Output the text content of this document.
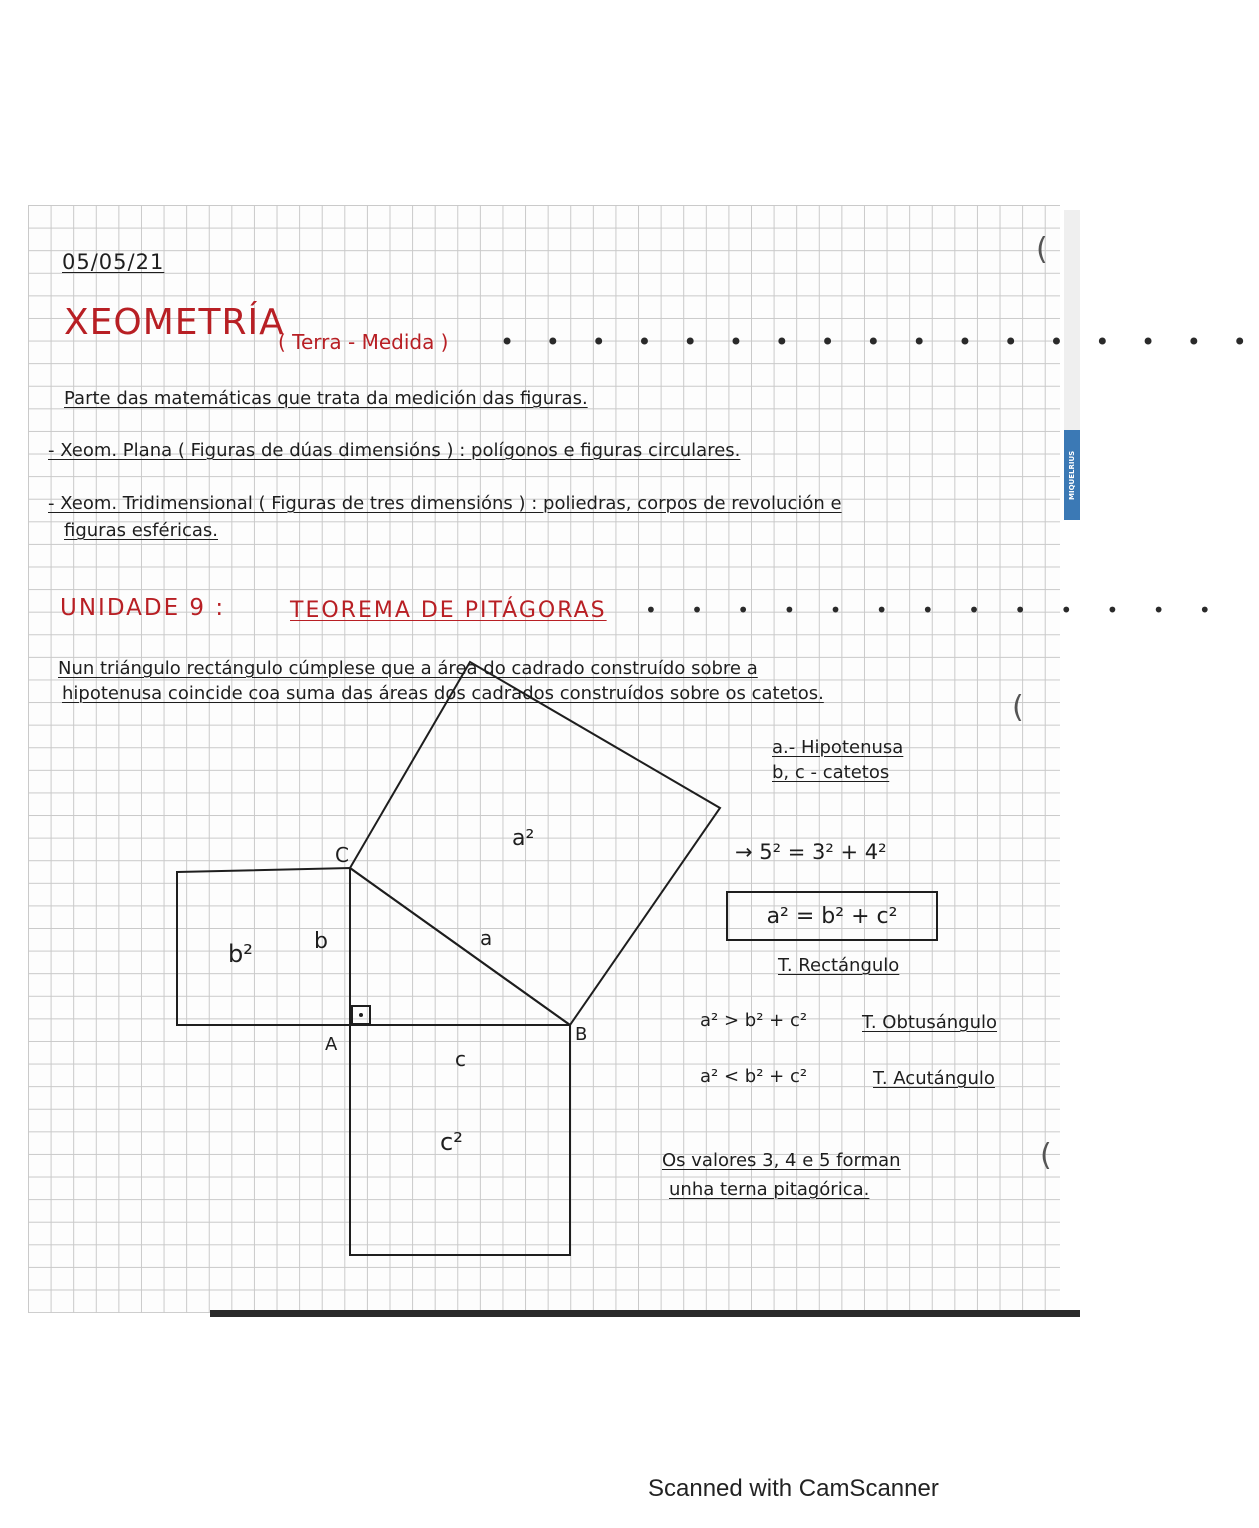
MIQUELRIUS
05/05/21
XEOMETRÍA
( Terra - Medida ) • • • • • • • • • • • • • • • • •
Parte das matemáticas que trata da medición das figuras.
- Xeom. Plana ( Figuras de dúas dimensións ) : polígonos e figuras circulares.
- Xeom. Tridimensional ( Figuras de tres dimensións ) : poliedras, corpos de revolución e
figuras esféricas.
UNIDADE 9 :	TEOREMA DE PITÁGORAS • • • • • • • • • • • • •
Nun triángulo rectángulo cúmplese que a área do cadrado construído sobre a
hipotenusa coincide coa suma das áreas dos cadrados construídos sobre os catetos.
a.- Hipotenusa
b, c - catetos
→ 5² = 3² + 4²
a² = b² + c²
T. Rectángulo
a² > b² + c²	T. Obtusángulo
a² < b² + c²	T. Acutángulo
Os valores 3, 4 e 5 forman
unha terna pitagórica.
a²
b²
c²
b
c
a
A	B
C
(
(
(
Scanned with CamScanner
